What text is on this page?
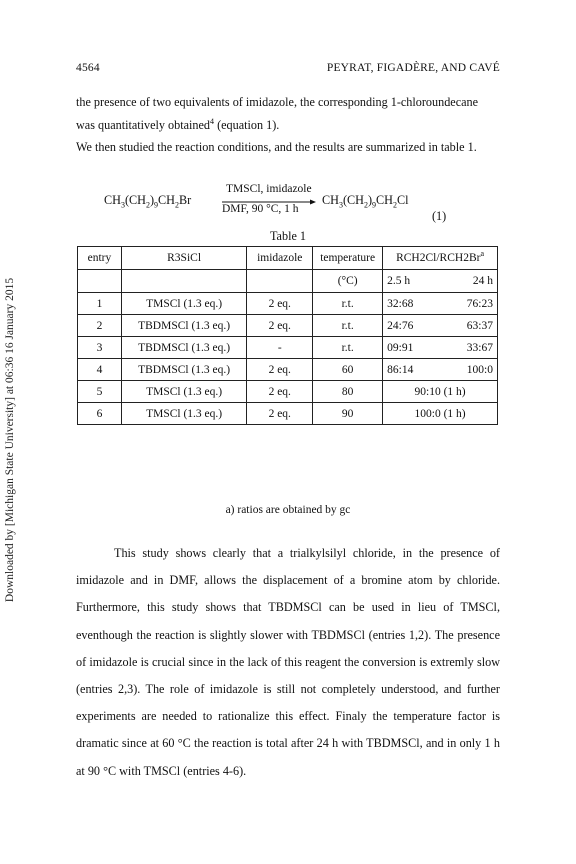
Downloaded by [Michigan State University] at 06:36 16 January 2015
4564	PEYRAT, FIGADÈRE, AND CAVÉ

the presence of two equivalents of imidazole, the corresponding 1-chloroundecane

was quantitatively obtained$^4$ (equation 1).

We then studied the reaction conditions, and the results are summarized in table 1.

$CH_3(CH_2)_9CH_2Br$
TMSCl, imidazole
DMF, 90 °C, 1 h
$CH_3(CH_2)_9CH_2Cl$
(1)
Table 1
entry	R3SiCl	imidazole	temperature	RCH2Cl/RCH2Br$^a$
			(°C)	2.5 h 24 h

1	TMSCl (1.3 eq.)	2 eq.	r.t.	32:68 76:23

2	TBDMSCl (1.3 eq.)	2 eq.	r.t.	24:76 63:37

3	TBDMSCl (1.3 eq.)	-	r.t.	09:91 33:67

4	TBDMSCl (1.3 eq.)	2 eq.	60	86:14 100:0

5	TMSCl (1.3 eq.)	2 eq.	80	90:10 (1 h)
6	TMSCl (1.3 eq.)	2 eq.	90	100:0 (1 h)
a) ratios are obtained by gc

This study shows clearly that a trialkylsilyl chloride, in the presence of imidazole and in DMF, allows the displacement of a bromine atom by chloride. Furthermore, this study shows that TBDMSCl can be used in lieu of TMSCl, eventhough the reaction is slightly slower with TBDMSCl (entries 1,2). The presence of imidazole is crucial since in the lack of this reagent the conversion is extremly slow (entries 2,3). The role of imidazole is still not completely understood, and further experiments are needed to rationalize this effect. Finaly the temperature factor is dramatic since at 60 °C the reaction is total after 24 h with TBDMSCl, and in only 1 h at 90 °C with TMSCl (entries 4-6).
